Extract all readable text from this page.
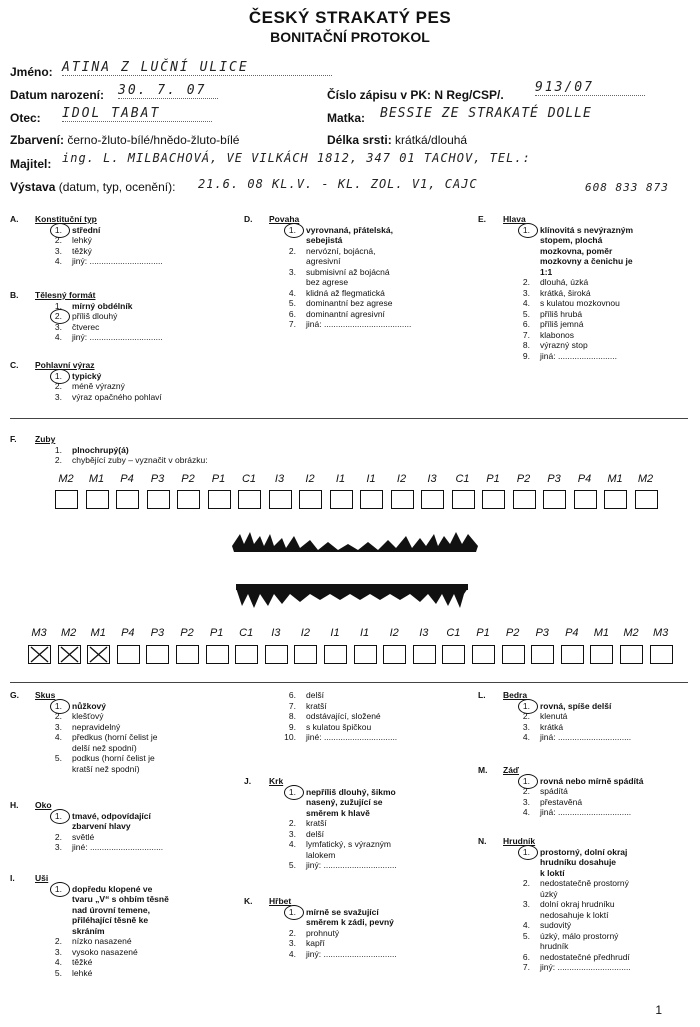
ČESKÝ STRAKATÝ PES
BONITAČNÍ PROTOKOL
Jméno: ATINA Z LUČNÍ ULICE
Datum narození: 30. 7. 07	Číslo zápisu v PK: N Reg/CSP/. 913/07
Otec: IDOL TABAT	Matka: BESSIE ZE STRAKATÉ DOLLE
Zbarvení: černo-žluto-bílé/hnědo-žluto-bílé	Délka srsti: krátká/dlouhá
Majitel: ing. L. MILBACHOVÁ, VE VILKÁCH 1812, 347 01 TACHOV, TEL.:
Výstava (datum, typ, ocenění): 21.6. 08 KL.V. - KL. ZOL. V1, CAJC	608 833 873
A. Konstituční typ
1. střední
2. lehký
3. těžký
4. jiný: ...............................
B. Tělesný formát
1. mírný obdélník
2. příliš dlouhý
3. čtverec
4. jiný: ...............................
C. Pohlavní výraz
1. typický
2. méně výrazný
3. výraz opačného pohlaví
D. Povaha
1. vyrovnaná, přátelská,
sebejistá
2. nervózní, bojácná,
agresivní
3. submisivní až bojácná
bez agrese
4. klidná až flegmatická
5. dominantní bez agrese
6. dominantní agresivní
7. jiná: .....................................
E. Hlava
1. klínovitá s nevýrazným
stopem, plochá
mozkovna, poměr
mozkovny a čenichu je
1:1
2. dlouhá, úzká
3. krátká, široká
4. s kulatou mozkovnou
5. příliš hrubá
6. příliš jemná
7. klabonos
8. výrazný stop
9. jiná: .........................
F. Zuby
1. plnochrupý(á)
2. chybějící zuby – vyznačit v obrázku:
G. Skus
1. nůžkový
2. klešťový
3. nepravidelný
4. předkus (horní čelist je
delší než spodní)
5. podkus (horní čelist je
kratší než spodní)
H. Oko
1. tmavé, odpovídající
zbarvení hlavy
2. světlé
3. jiné: ...............................
I. Uši
1. dopředu klopené ve
tvaru „V“ s ohbím těsně
nad úrovní temene,
přiléhající těsně ke
skráním
2. nízko nasazené
3. vysoko nasazené
4. těžké
5. lehké
6. delší
7. kratší
8. odstávající, složené
9. s kulatou špičkou
10. jiné: ...............................
J. Krk
1. nepříliš dlouhý, šikmo
nasený, zužující se
směrem k hlavě
2. kratší
3. delší
4. lymfatický, s výrazným
lalokem
5. jiný: ...............................
K. Hřbet
1. mírně se svažující
směrem k zádi, pevný
2. prohnutý
3. kapří
4. jiný: ...............................
L. Bedra
1. rovná, spíše delší
2. klenutá
3. krátká
4. jiná: ...............................
M. Záď
1. rovná nebo mírně spádítá
2. spádítá
3. přestavěná
4. jiná: ...............................
N. Hrudník
1. prostorný, dolní okraj
hrudníku dosahuje
k loktí
2. nedostatečně prostorný
úzký
3. dolní okraj hrudníku
nedosahuje k loktí
4. sudovitý
5. úzký, málo prostorný
hrudník
6. nedostatečné předhrudí
7. jiný: ...............................
M2	M1	P4	P3	P2	P1	C1	I3	I2	I1	I1	I2	I3	C1	P1	P2	P3	P4	M1	M2
M3	M2	M1	P4	P3	P2	P1	C1	I3	I2	I1	I1	I2	I3	C1	P1	P2	P3	P4	M1	M2	M3
1
